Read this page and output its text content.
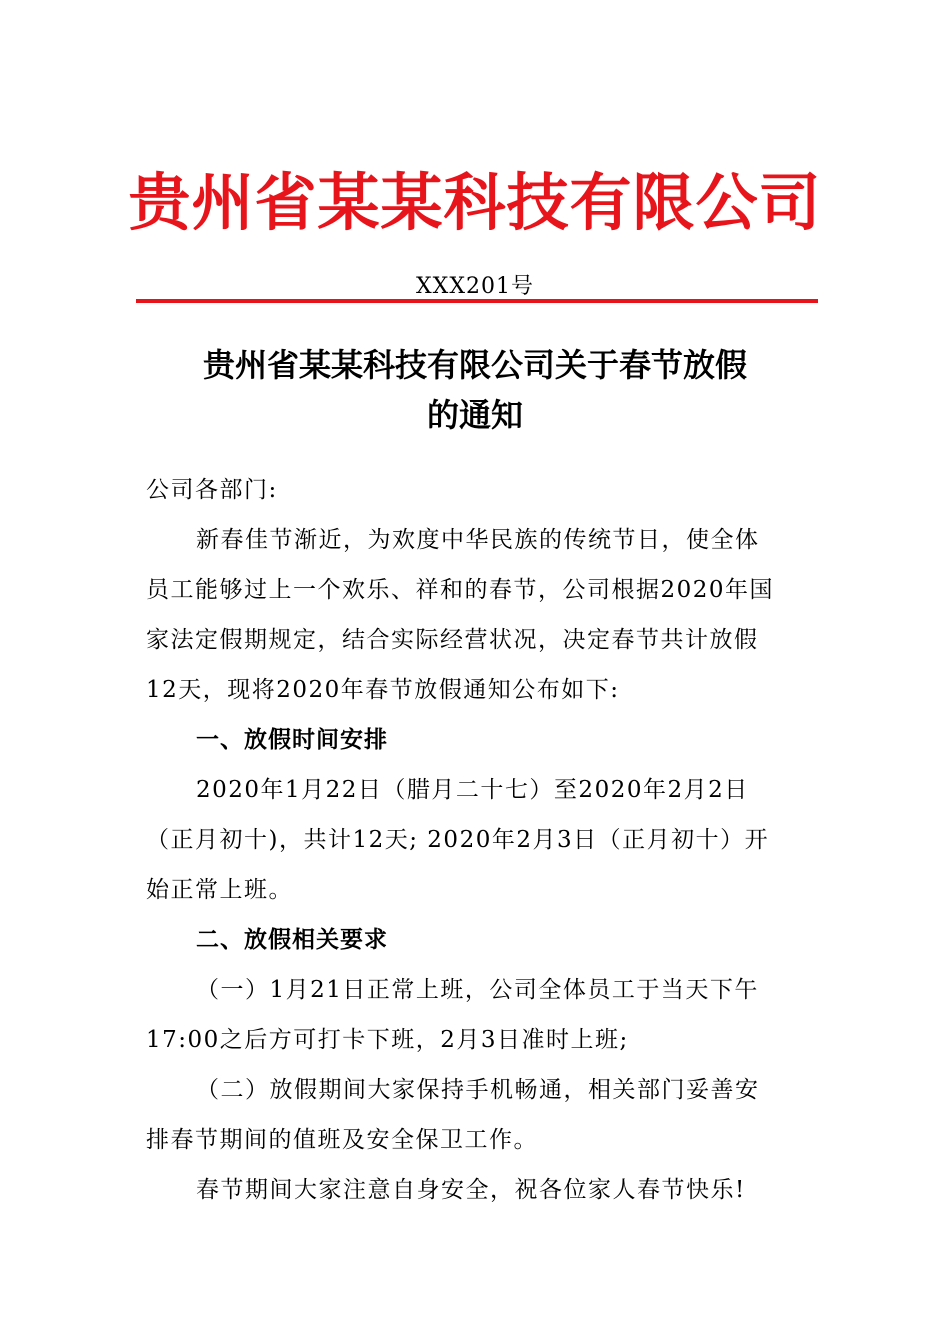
贵州省某某科技有限公司
XXX201号
贵州省某某科技有限公司关于春节放假
的通知
公司各部门:
新春佳节渐近，为欢度中华民族的传统节日，使全体
员工能够过上一个欢乐、祥和的春节，公司根据2020年国
家法定假期规定，结合实际经营状况，决定春节共计放假
12天，现将2020年春节放假通知公布如下:
一、放假时间安排
2020年1月22日（腊月二十七）至2020年2月2日
（正月初十)，共计12天; 2020年2月3日（正月初十）开
始正常上班。
二、放假相关要求
（一）1月21日正常上班，公司全体员工于当天下午
17:00之后方可打卡下班，2月3日准时上班;
（二）放假期间大家保持手机畅通，相关部门妥善安
排春节期间的值班及安全保卫工作。
春节期间大家注意自身安全，祝各位家人春节快乐!
